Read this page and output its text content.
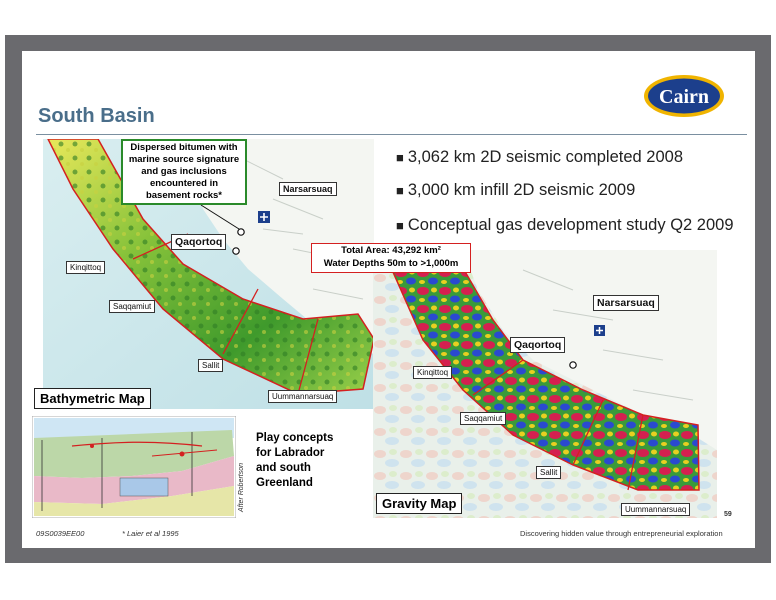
Cairn
South Basin
■ 3,062 km 2D seismic completed 2008
■ 3,000 km infill 2D seismic 2009
■ Conceptual gas development study Q2 2009
Narsarsuaq
Qaqortoq
Kinqittoq
Saqqamiut
Sallit
Uummannarsuaq
Narsarsuaq
Qaqortoq
Kinqittoq
Saqqamiut
Sallit
Uummannarsuaq
Dispersed bitumen with
marine source signature
and gas inclusions
encountered in
basement rocks*
Total Area: 43,292 km²
Water Depths 50m to >1,000m
Bathymetric Map
Gravity Map
Play concepts for Labrador and south Greenland
After Robertson
59
09S0039EE00	* Laier et al 1995	Discovering hidden value through entrepreneurial exploration
